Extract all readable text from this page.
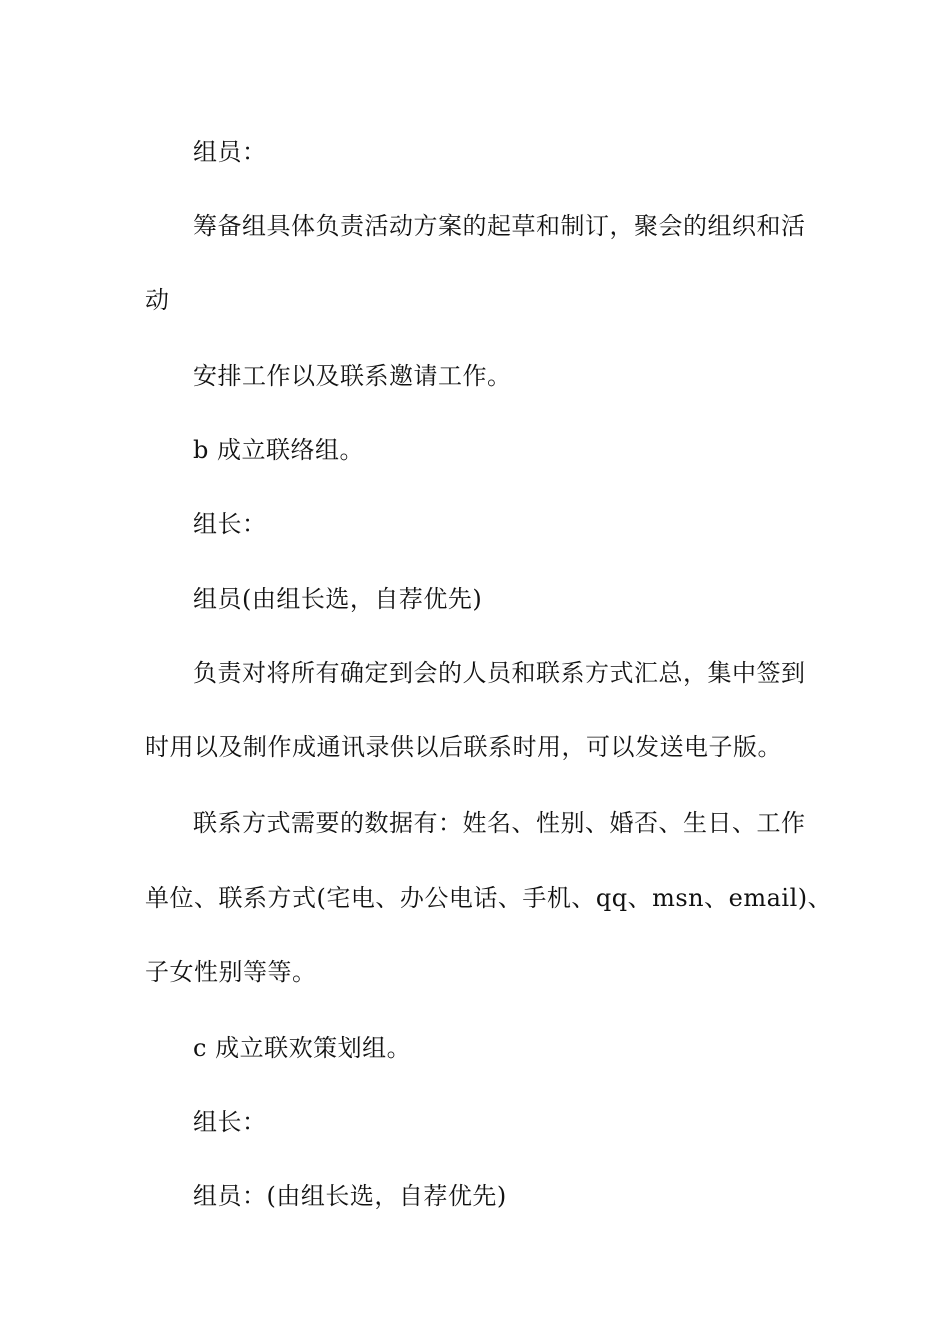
组员：
筹备组具体负责活动方案的起草和制订，聚会的组织和活
动
安排工作以及联系邀请工作。
b 成立联络组。
组长：
组员(由组长选，自荐优先)
负责对将所有确定到会的人员和联系方式汇总，集中签到
时用以及制作成通讯录供以后联系时用，可以发送电子版。
联系方式需要的数据有：姓名、性别、婚否、生日、工作
单位、联系方式(宅电、办公电话、手机、qq、msn、email)、
子女性别等等。
c 成立联欢策划组。
组长：
组员：(由组长选，自荐优先)
